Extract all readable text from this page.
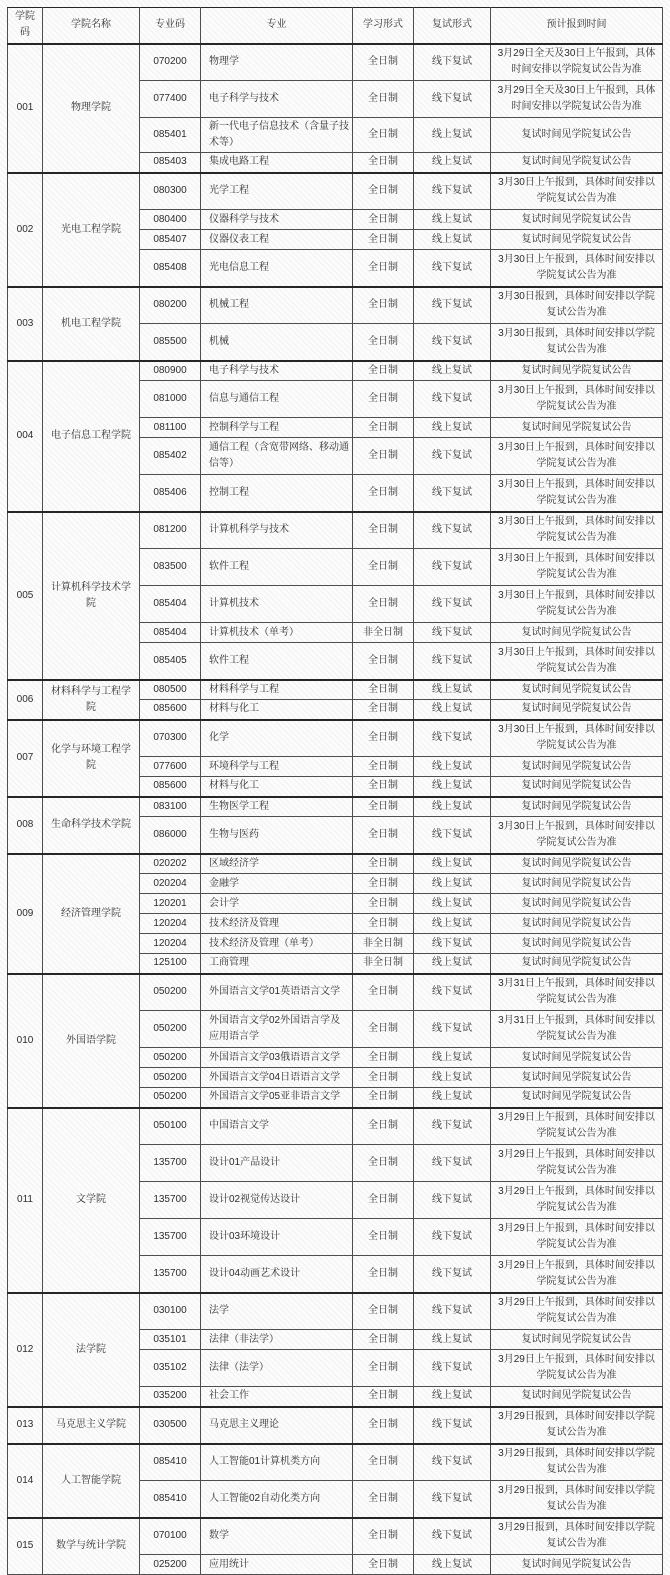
学院码	学院名称	专业码	专业	学习形式	复试形式	预计报到时间
001	物理学院	070200	物理学	全日制	线下复试	3月29日全天及30日上午报到，具体时间安排以学院复试公告为准
		077400	电子科学与技术	全日制	线下复试	3月29日全天及30日上午报到，具体时间安排以学院复试公告为准
		085401	新一代电子信息技术（含量子技术等）	全日制	线上复试	复试时间见学院复试公告
		085403	集成电路工程	全日制	线上复试	复试时间见学院复试公告
002	光电工程学院	080300	光学工程	全日制	线下复试	3月30日上午报到，具体时间安排以学院复试公告为准
		080400	仪器科学与技术	全日制	线上复试	复试时间见学院复试公告
		085407	仪器仪表工程	全日制	线上复试	复试时间见学院复试公告
		085408	光电信息工程	全日制	线下复试	3月30日上午报到，具体时间安排以学院复试公告为准
003	机电工程学院	080200	机械工程	全日制	线下复试	3月30日报到，具体时间安排以学院复试公告为准
		085500	机械	全日制	线下复试	3月30日报到，具体时间安排以学院复试公告为准
004	电子信息工程学院	080900	电子科学与技术	全日制	线上复试	复试时间见学院复试公告
		081000	信息与通信工程	全日制	线下复试	3月30日上午报到，具体时间安排以学院复试公告为准
		081100	控制科学与工程	全日制	线上复试	复试时间见学院复试公告
		085402	通信工程（含宽带网络、移动通信等）	全日制	线下复试	3月30日上午报到，具体时间安排以学院复试公告为准
		085406	控制工程	全日制	线下复试	3月30日上午报到，具体时间安排以学院复试公告为准
005	计算机科学技术学院	081200	计算机科学与技术	全日制	线下复试	3月30日上午报到，具体时间安排以学院复试公告为准
		083500	软件工程	全日制	线下复试	3月30日上午报到，具体时间安排以学院复试公告为准
		085404	计算机技术	全日制	线下复试	3月30日上午报到，具体时间安排以学院复试公告为准
		085404	计算机技术（单考）	非全日制	线下复试	复试时间见学院复试公告
		085405	软件工程	全日制	线下复试	3月30日上午报到，具体时间安排以学院复试公告为准
006	材料科学与工程学院	080500	材料科学与工程	全日制	线上复试	复试时间见学院复试公告
		085600	材料与化工	全日制	线上复试	复试时间见学院复试公告
007	化学与环境工程学院	070300	化学	全日制	线下复试	3月30日上午报到，具体时间安排以学院复试公告为准
		077600	环境科学与工程	全日制	线上复试	复试时间见学院复试公告
		085600	材料与化工	全日制	线上复试	复试时间见学院复试公告
008	生命科学技术学院	083100	生物医学工程	全日制	线上复试	复试时间见学院复试公告
		086000	生物与医药	全日制	线下复试	3月30日上午报到，具体时间安排以学院复试公告为准
009	经济管理学院	020202	区域经济学	全日制	线上复试	复试时间见学院复试公告
		020204	金融学	全日制	线上复试	复试时间见学院复试公告
		120201	会计学	全日制	线上复试	复试时间见学院复试公告
		120204	技术经济及管理	全日制	线上复试	复试时间见学院复试公告
		120204	技术经济及管理（单考）	非全日制	线下复试	复试时间见学院复试公告
		125100	工商管理	非全日制	线上复试	复试时间见学院复试公告
010	外国语学院	050200	外国语言文学01英语语言文学	全日制	线下复试	3月31日上午报到，具体时间安排以学院复试公告为准
		050200	外国语言文学02外国语言学及应用语言学	全日制	线下复试	3月31日上午报到，具体时间安排以学院复试公告为准
		050200	外国语言文学03俄语语言文学	全日制	线上复试	复试时间见学院复试公告
		050200	外国语言文学04日语语言文学	全日制	线上复试	复试时间见学院复试公告
		050200	外国语言文学05亚非语言文学	全日制	线上复试	复试时间见学院复试公告
011	文学院	050100	中国语言文学	全日制	线下复试	3月29日上午报到，具体时间安排以学院复试公告为准
		135700	设计01产品设计	全日制	线下复试	3月29日上午报到，具体时间安排以学院复试公告为准
		135700	设计02视觉传达设计	全日制	线下复试	3月29日上午报到，具体时间安排以学院复试公告为准
		135700	设计03环境设计	全日制	线下复试	3月29日上午报到，具体时间安排以学院复试公告为准
		135700	设计04动画艺术设计	全日制	线下复试	3月29日上午报到，具体时间安排以学院复试公告为准
012	法学院	030100	法学	全日制	线下复试	3月29日上午报到，具体时间安排以学院复试公告为准
		035101	法律（非法学）	全日制	线上复试	复试时间见学院复试公告
		035102	法律（法学）	全日制	线下复试	3月29日上午报到，具体时间安排以学院复试公告为准
		035200	社会工作	全日制	线上复试	复试时间见学院复试公告
013	马克思主义学院	030500	马克思主义理论	全日制	线下复试	3月29日报到，具体时间安排以学院复试公告为准
014	人工智能学院	085410	人工智能01计算机类方向	全日制	线下复试	3月29日报到，具体时间安排以学院复试公告为准
		085410	人工智能02自动化类方向	全日制	线下复试	3月29日报到，具体时间安排以学院复试公告为准
015	数学与统计学院	070100	数学	全日制	线下复试	3月29日报到，具体时间安排以学院复试公告为准
		025200	应用统计	全日制	线上复试	复试时间见学院复试公告
